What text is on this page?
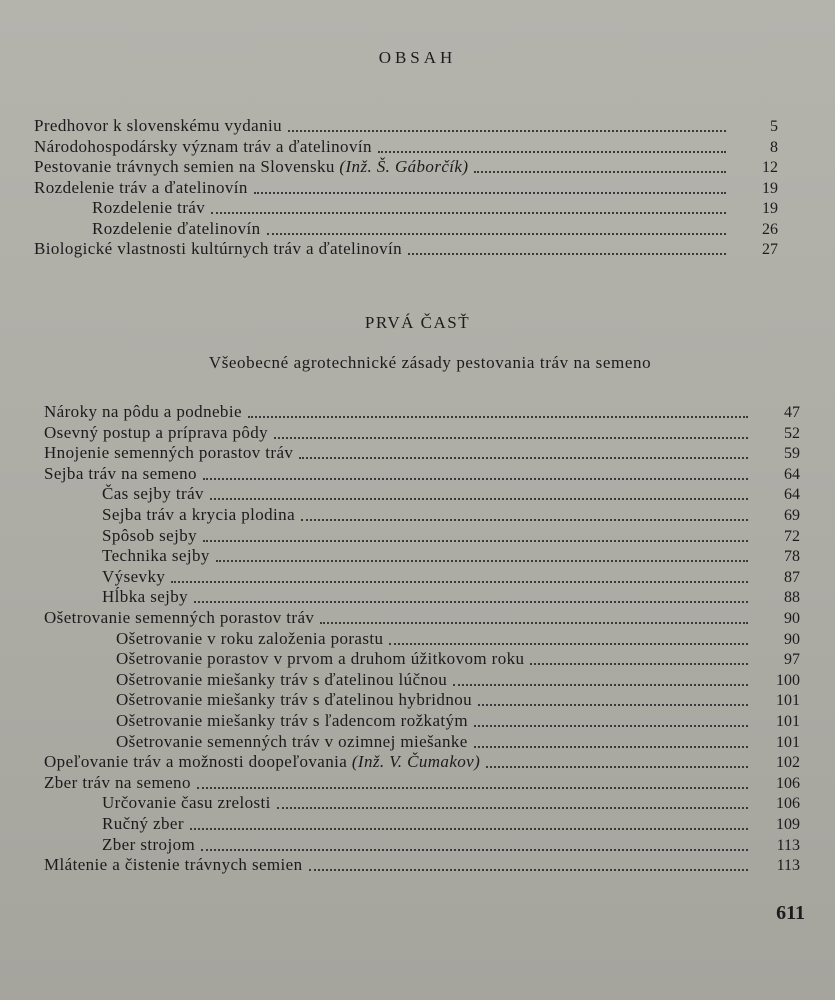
OBSAH
PRVÁ ČASŤ
Všeobecné agrotechnické zásady pestovania tráv na semeno
Predhovor k slovenskému vydaniu	5
Národohospodársky význam tráv a ďatelinovín	8
Pestovanie trávnych semien na Slovensku (Inž. Š. Gáborčík)	12
Rozdelenie tráv a ďatelinovín	19
Rozdelenie tráv	19
Rozdelenie ďatelinovín	26
Biologické vlastnosti kultúrnych tráv a ďatelinovín	27
Nároky na pôdu a podnebie	47
Osevný postup a príprava pôdy	52
Hnojenie semenných porastov tráv	59
Sejba tráv na semeno	64
Čas sejby tráv	64
Sejba tráv a krycia plodina	69
Spôsob sejby	72
Technika sejby	78
Výsevky	87
Hĺbka sejby	88
Ošetrovanie semenných porastov tráv	90
Ošetrovanie v roku založenia porastu	90
Ošetrovanie porastov v prvom a druhom úžitkovom roku	97
Ošetrovanie miešanky tráv s ďatelinou lúčnou	100
Ošetrovanie miešanky tráv s ďatelinou hybridnou	101
Ošetrovanie miešanky tráv s ľadencom rožkatým	101
Ošetrovanie semenných tráv v ozimnej miešanke	101
Opeľovanie tráv a možnosti doopeľovania (Inž. V. Čumakov)	102
Zber tráv na semeno	106
Určovanie času zrelosti	106
Ručný zber	109
Zber strojom	113
Mlátenie a čistenie trávnych semien	113
611
